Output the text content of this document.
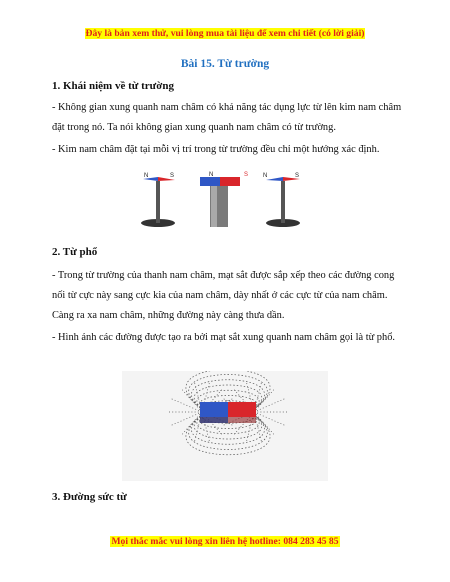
Đây là bản xem thử, vui lòng mua tài liệu để xem chi tiết (có lời giải)
Bài 15. Từ trường
1. Khái niệm về từ trường
- Không gian xung quanh nam châm có khả năng tác dụng lực từ lên kim nam châm đặt trong nó. Ta nói không gian xung quanh nam châm có từ trường.
- Kim nam châm đặt tại mỗi vị trí trong từ trường đều chỉ một hướng xác định.
N	S	N	S N	S
2. Từ phổ
- Trong từ trường của thanh nam châm, mạt sắt được sắp xếp theo các đường cong nối từ cực này sang cực kia của nam châm, dày nhất ở các cực từ của nam châm. Càng ra xa nam châm, những đường này càng thưa dần.
- Hình ảnh các đường được tạo ra bởi mạt sắt xung quanh nam châm gọi là từ phổ.
3. Đường sức từ
Mọi thắc mắc vui lòng xin liên hệ hotline: 084 283 45 85
